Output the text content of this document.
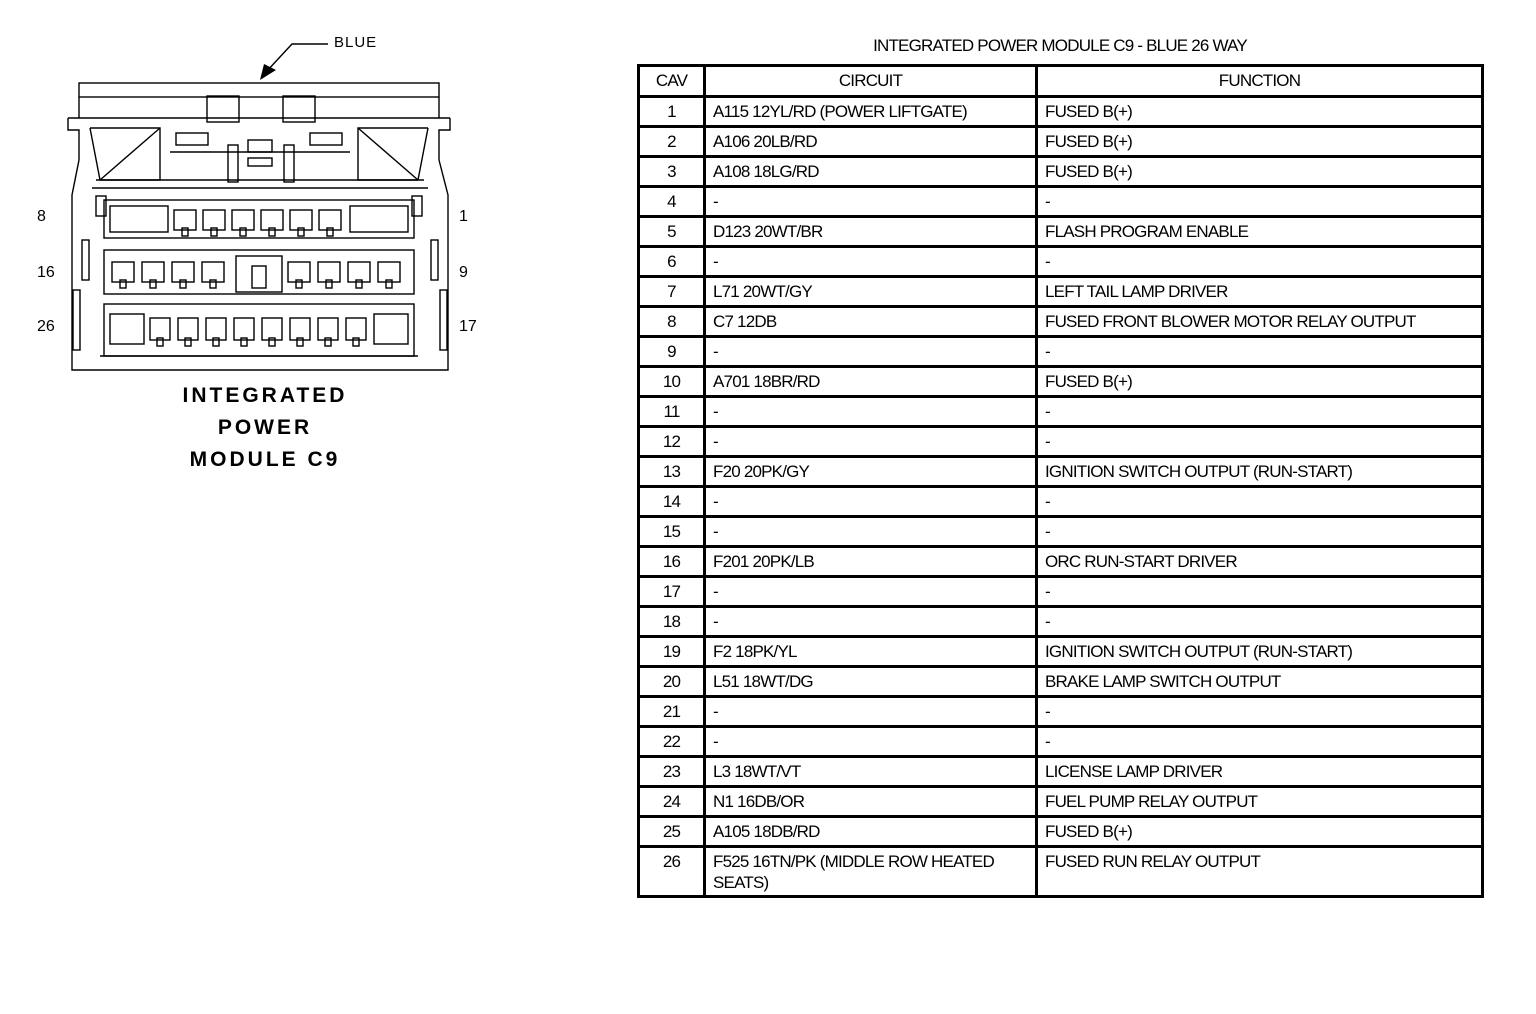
BLUE
8	1
16	9
26	17
INTEGRATED
POWER
MODULE C9
INTEGRATED POWER MODULE C9 - BLUE 26 WAY
CAV	CIRCUIT	FUNCTION
1	A115 12YL/RD (POWER LIFTGATE)	FUSED B(+)
2	A106 20LB/RD	FUSED B(+)
3	A108 18LG/RD	FUSED B(+)
4	-	-
5	D123 20WT/BR	FLASH PROGRAM ENABLE
6	-	-
7	L71 20WT/GY	LEFT TAIL LAMP DRIVER
8	C7 12DB	FUSED FRONT BLOWER MOTOR RELAY OUTPUT
9	-	-
10	A701 18BR/RD	FUSED B(+)
11	-	-
12	-	-
13	F20 20PK/GY	IGNITION SWITCH OUTPUT (RUN-START)
14	-	-
15	-	-
16	F201 20PK/LB	ORC RUN-START DRIVER
17	-	-
18	-	-
19	F2 18PK/YL	IGNITION SWITCH OUTPUT (RUN-START)
20	L51 18WT/DG	BRAKE LAMP SWITCH OUTPUT
21	-	-
22	-	-
23	L3 18WT/VT	LICENSE LAMP DRIVER
24	N1 16DB/OR	FUEL PUMP RELAY OUTPUT
25	A105 18DB/RD	FUSED B(+)
26	F525 16TN/PK (MIDDLE ROW HEATED SEATS)	FUSED RUN RELAY OUTPUT
